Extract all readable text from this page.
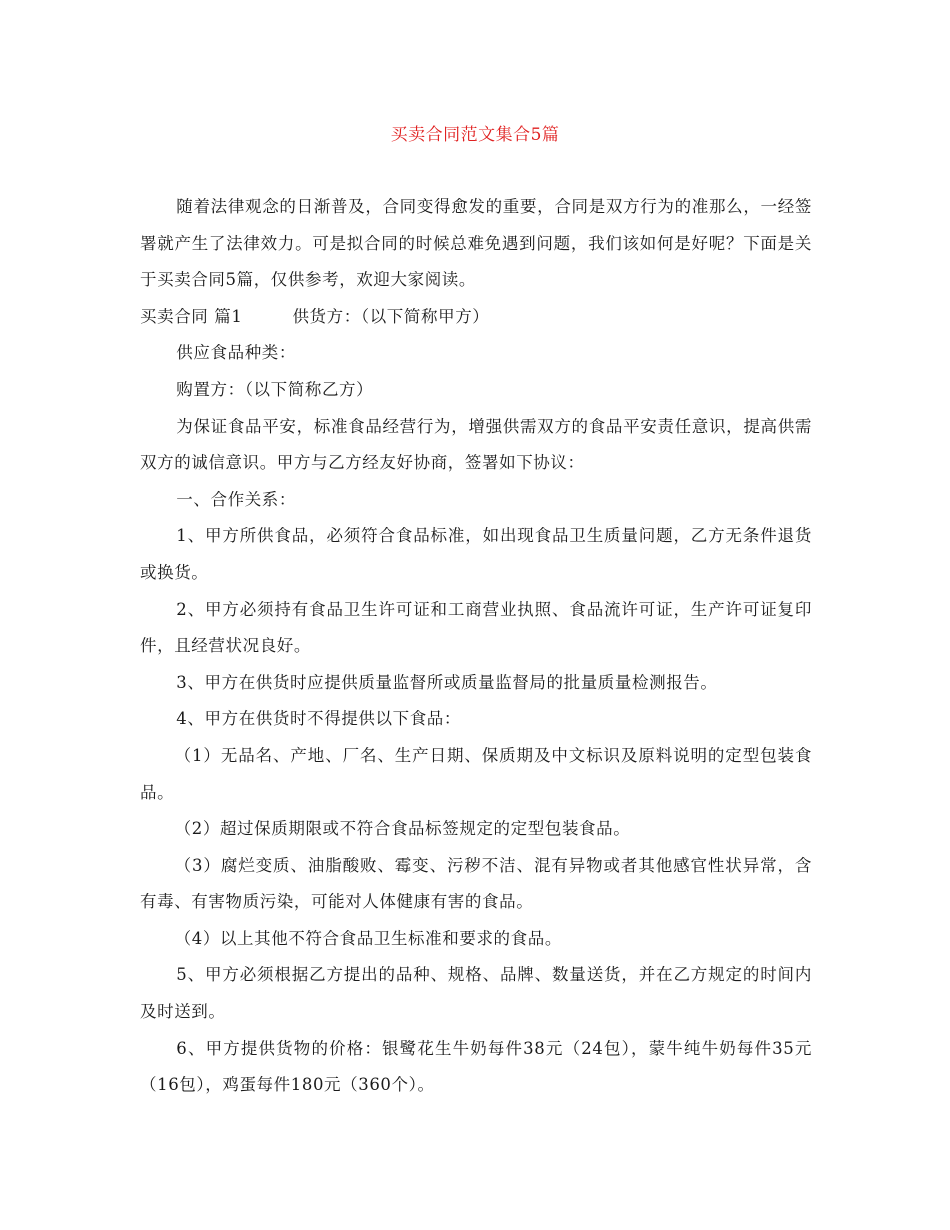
买卖合同范文集合5篇

随着法律观念的日渐普及，合同变得愈发的重要，合同是双方行为的准那么，一经签署就产生了法律效力。可是拟合同的时候总难免遇到问题，我们该如何是好呢？下面是关于买卖合同5篇，仅供参考，欢迎大家阅读。

买卖合同 篇1	供货方：（以下简称甲方）

供应食品种类：

购置方：（以下简称乙方）

为保证食品平安，标准食品经营行为，增强供需双方的食品平安责任意识，提高供需双方的诚信意识。甲方与乙方经友好协商，签署如下协议：

一、合作关系：

1、甲方所供食品，必须符合食品标准，如出现食品卫生质量问题，乙方无条件退货或换货。

2、甲方必须持有食品卫生许可证和工商营业执照、食品流许可证，生产许可证复印件，且经营状况良好。

3、甲方在供货时应提供质量监督所或质量监督局的批量质量检测报告。

4、甲方在供货时不得提供以下食品：

（1）无品名、产地、厂名、生产日期、保质期及中文标识及原料说明的定型包装食品。

（2）超过保质期限或不符合食品标签规定的定型包装食品。

（3）腐烂变质、油脂酸败、霉变、污秽不洁、混有异物或者其他感官性状异常，含有毒、有害物质污染，可能对人体健康有害的食品。

（4）以上其他不符合食品卫生标准和要求的食品。

5、甲方必须根据乙方提出的品种、规格、品牌、数量送货，并在乙方规定的时间内及时送到。

6、甲方提供货物的价格：银鹭花生牛奶每件38元（24包），蒙牛纯牛奶每件35元（16包），鸡蛋每件180元（360个）。
